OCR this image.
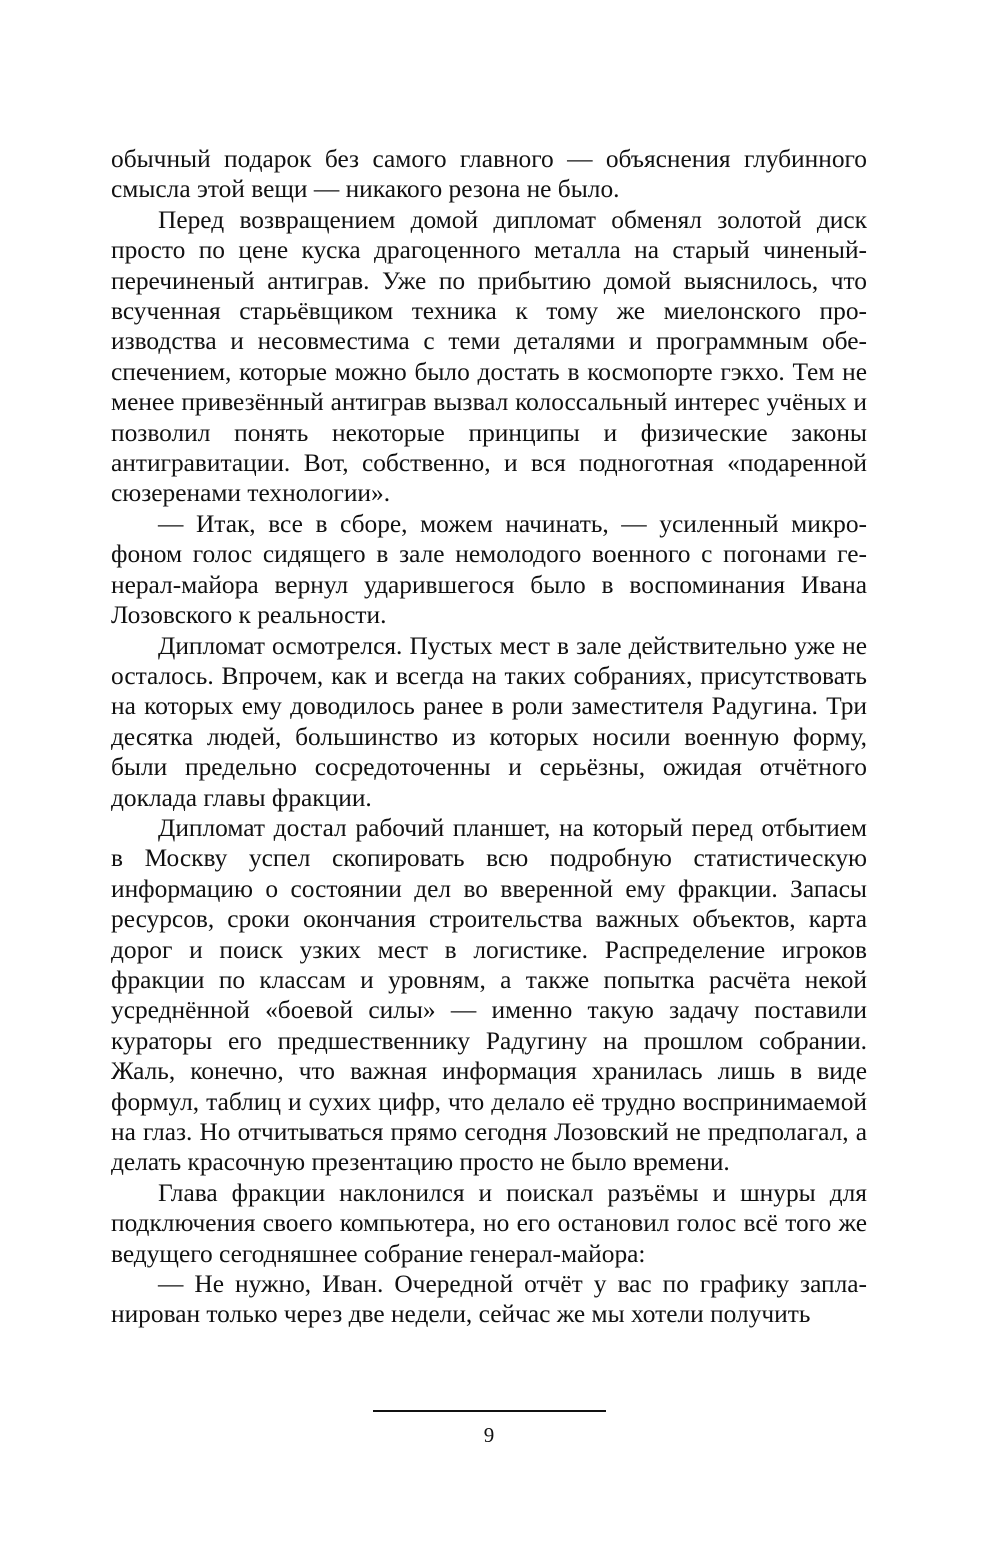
обычный подарок без самого главного — объяснения глубинного смысла этой вещи — никакого резона не было.

Перед возвращением домой дипломат обменял золотой диск просто по цене куска драгоценного металла на старый чиненый-перечиненый антиграв. Уже по прибытию домой выяснилось, что всученная старьёвщиком техника к тому же миелонского производства и несовместима с теми деталями и программным обеспечением, которые можно было достать в космопорте гэкхо. Тем не менее привезённый антиграв вызвал колоссальный интерес учёных и позволил понять некоторые принципы и физические законы антигравитации. Вот, собственно, и вся подноготная «подаренной сюзеренами технологии».

— Итак, все в сборе, можем начинать, — усиленный микрофоном голос сидящего в зале немолодого военного с погонами генерал-майора вернул ударившегося было в воспоминания Ивана Лозовского к реальности.

Дипломат осмотрелся. Пустых мест в зале действительно уже не осталось. Впрочем, как и всегда на таких собраниях, присутствовать на которых ему доводилось ранее в роли заместителя Радугина. Три десятка людей, большинство из которых носили военную форму, были предельно сосредоточенны и серьёзны, ожидая отчётного доклада главы фракции.

Дипломат достал рабочий планшет, на который перед отбытием в Москву успел скопировать всю подробную статистическую информацию о состоянии дел во вверенной ему фракции. Запасы ресурсов, сроки окончания строительства важных объектов, карта дорог и поиск узких мест в логистике. Распределение игроков фракции по классам и уровням, а также попытка расчёта некой усреднённой «боевой силы» — именно такую задачу поставили кураторы его предшественнику Радугину на прошлом собрании. Жаль, конечно, что важная информация хранилась лишь в виде формул, таблиц и сухих цифр, что делало её трудно воспринимаемой на глаз. Но отчитываться прямо сегодня Лозовский не предполагал, а делать красочную презентацию просто не было времени.

Глава фракции наклонился и поискал разъёмы и шнуры для подключения своего компьютера, но его остановил голос всё того же ведущего сегодняшнее собрание генерал-майора:

— Не нужно, Иван. Очередной отчёт у вас по графику запланирован только через две недели, сейчас же мы хотели получить

9
